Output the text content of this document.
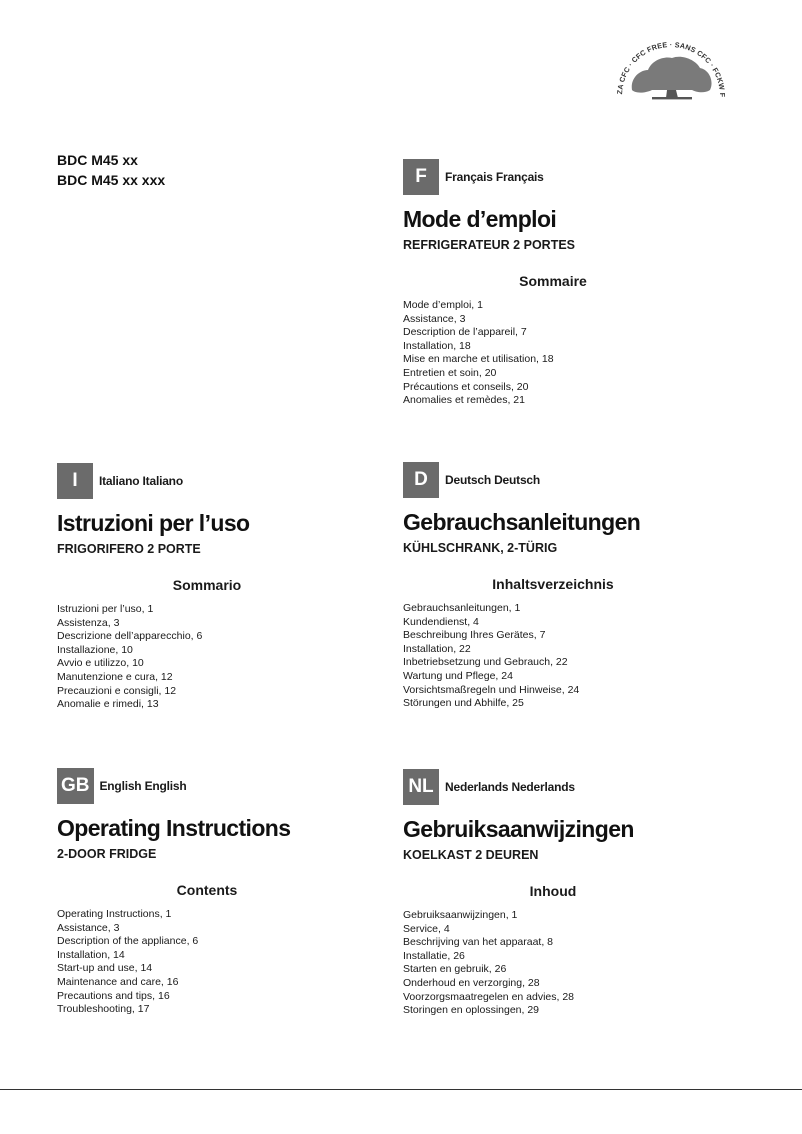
ZA CFC · CFC FREE · SANS CFC · FCKW F
BDC M45 xx
BDC M45 xx xxx	F	Français Français
Mode d’emploi
REFRIGERATEUR 2 PORTES
Sommaire
Mode d’emploi, 1
Assistance, 3
Description de l’appareil, 7
Installation, 18
Mise en marche et utilisation, 18
Entretien et soin, 20
Précautions et conseils, 20
Anomalies et remèdes, 21
I	Italiano Italiano
Istruzioni per l’uso
FRIGORIFERO 2 PORTE
Sommario
Istruzioni per l’uso, 1
Assistenza, 3
Descrizione dell’apparecchio, 6
Installazione, 10
Avvio e utilizzo, 10
Manutenzione e cura, 12
Precauzioni e consigli, 12
Anomalie e rimedi, 13
D	Deutsch Deutsch
Gebrauchsanleitungen
KÜHLSCHRANK, 2-TÜRIG
Inhaltsverzeichnis
Gebrauchsanleitungen, 1
Kundendienst, 4
Beschreibung Ihres Gerätes, 7
Installation, 22
Inbetriebsetzung und Gebrauch, 22
Wartung und Pflege, 24
Vorsichtsmaßregeln und Hinweise, 24
Störungen und Abhilfe, 25
GB English English
Operating Instructions
2-DOOR FRIDGE
Contents
Operating Instructions, 1
Assistance, 3
Description of the appliance, 6
Installation, 14
Start-up and use, 14
Maintenance and care, 16
Precautions and tips, 16
Troubleshooting, 17
NL Nederlands Nederlands
Gebruiksaanwijzingen
KOELKAST 2 DEUREN
Inhoud
Gebruiksaanwijzingen, 1
Service, 4
Beschrijving van het apparaat, 8
Installatie, 26
Starten en gebruik, 26
Onderhoud en verzorging, 28
Voorzorgsmaatregelen en advies, 28
Storingen en oplossingen, 29
